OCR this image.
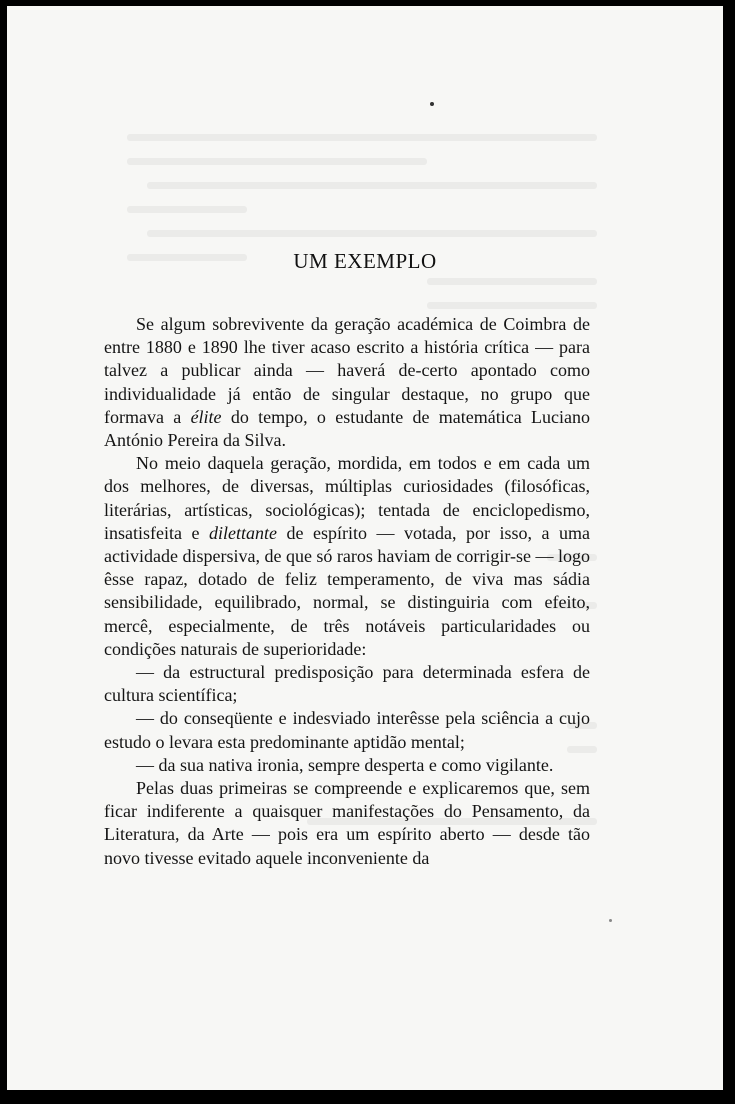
UM EXEMPLO

Se algum sobrevivente da geração académica de Coimbra de entre 1880 e 1890 lhe tiver acaso escrito a história crítica — para talvez a publicar ainda — haverá de-certo apontado como individualidade já então de singular destaque, no grupo que formava a élite do tempo, o estudante de matemática Luciano António Pereira da Silva.

No meio daquela geração, mordida, em todos e em cada um dos melhores, de diversas, múltiplas curiosidades (filosóficas, literárias, artísticas, sociológicas); tentada de enciclopedismo, insatisfeita e dilettante de espírito — votada, por isso, a uma actividade dispersiva, de que só raros haviam de corrigir-se — logo êsse rapaz, dotado de feliz temperamento, de viva mas sádia sensibilidade, equilibrado, normal, se distinguiria com efeito, mercê, especialmente, de três notáveis particularidades ou condições naturais de superioridade:

— da estructural predisposição para determinada esfera de cultura scientífica;

— do conseqüente e indesviado interêsse pela sciência a cujo estudo o levara esta predominante aptidão mental;

— da sua nativa ironia, sempre desperta e como vigilante.

Pelas duas primeiras se compreende e explicaremos que, sem ficar indiferente a quaisquer manifestações do Pensamento, da Literatura, da Arte — pois era um espírito aberto — desde tão novo tivesse evitado aquele inconveniente da
